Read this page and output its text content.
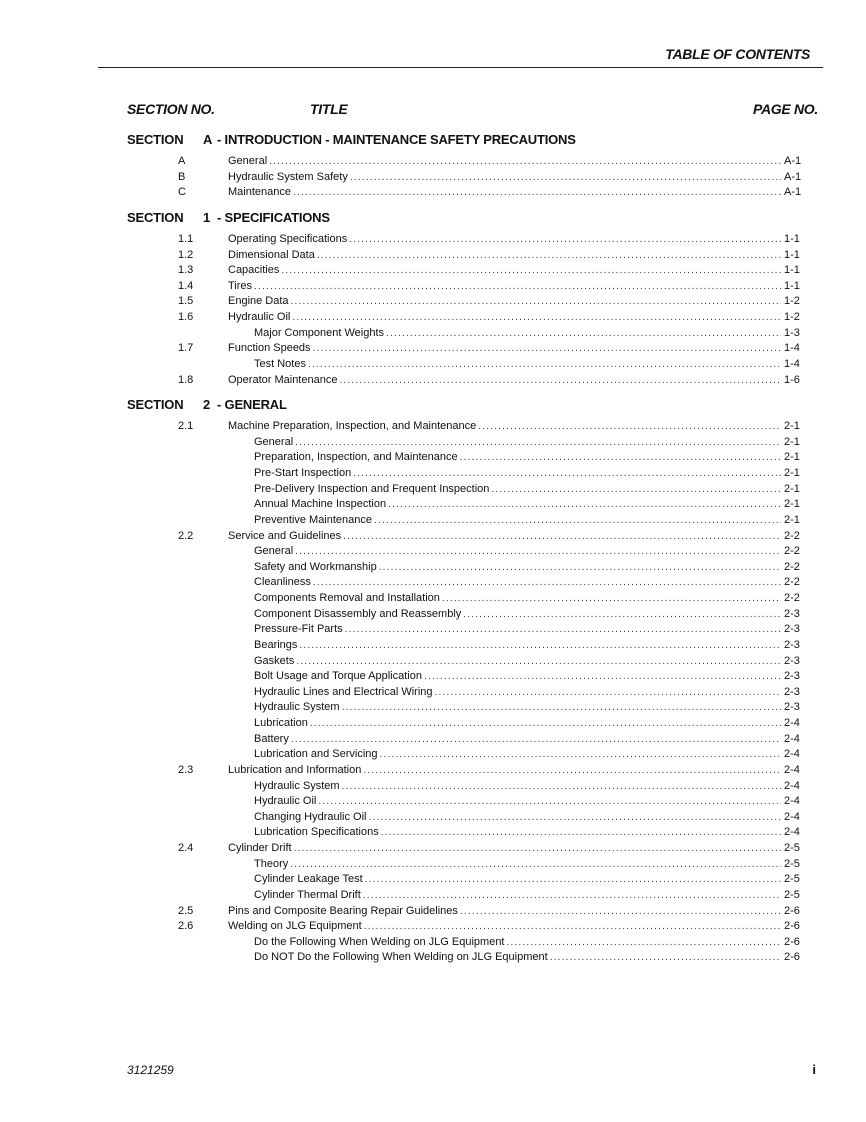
TABLE OF CONTENTS
SECTION NO.	TITLE	PAGE NO.
SECTION A - INTRODUCTION - MAINTENANCE SAFETY PRECAUTIONS
A	General .....	A-1
B	Hydraulic System Safety .....	A-1
C	Maintenance .....	A-1
SECTION 1 - SPECIFICATIONS
1.1	Operating Specifications .....	1-1
1.2	Dimensional Data .....	1-1
1.3	Capacities .....	1-1
1.4	Tires .....	1-1
1.5	Engine Data .....	1-2
1.6	Hydraulic Oil .....	1-2
Major Component Weights .....	1-3
1.7	Function Speeds .....	1-4
Test Notes .....	1-4
1.8	Operator Maintenance .....	1-6
SECTION 2 - GENERAL
2.1	Machine Preparation, Inspection, and Maintenance .....	2-1
General .....	2-1
Preparation, Inspection, and Maintenance .....	2-1
Pre-Start Inspection .....	2-1
Pre-Delivery Inspection and Frequent Inspection .....	2-1
Annual Machine Inspection .....	2-1
Preventive Maintenance .....	2-1
2.2	Service and Guidelines .....	2-2
General .....	2-2
Safety and Workmanship .....	2-2
Cleanliness .....	2-2
Components Removal and Installation .....	2-2
Component Disassembly and Reassembly .....	2-3
Pressure-Fit Parts .....	2-3
Bearings .....	2-3
Gaskets .....	2-3
Bolt Usage and Torque Application .....	2-3
Hydraulic Lines and Electrical Wiring .....	2-3
Hydraulic System .....	2-3
Lubrication .....	2-4
Battery .....	2-4
Lubrication and Servicing .....	2-4
2.3	Lubrication and Information .....	2-4
Hydraulic System .....	2-4
Hydraulic Oil .....	2-4
Changing Hydraulic Oil .....	2-4
Lubrication Specifications .....	2-4
2.4	Cylinder Drift .....	2-5
Theory .....	2-5
Cylinder Leakage Test .....	2-5
Cylinder Thermal Drift .....	2-5
2.5	Pins and Composite Bearing Repair Guidelines .....	2-6
2.6	Welding on JLG Equipment .....	2-6
Do the Following When Welding on JLG Equipment .....	2-6
Do NOT Do the Following When Welding on JLG Equipment .....	2-6
3121259	i
